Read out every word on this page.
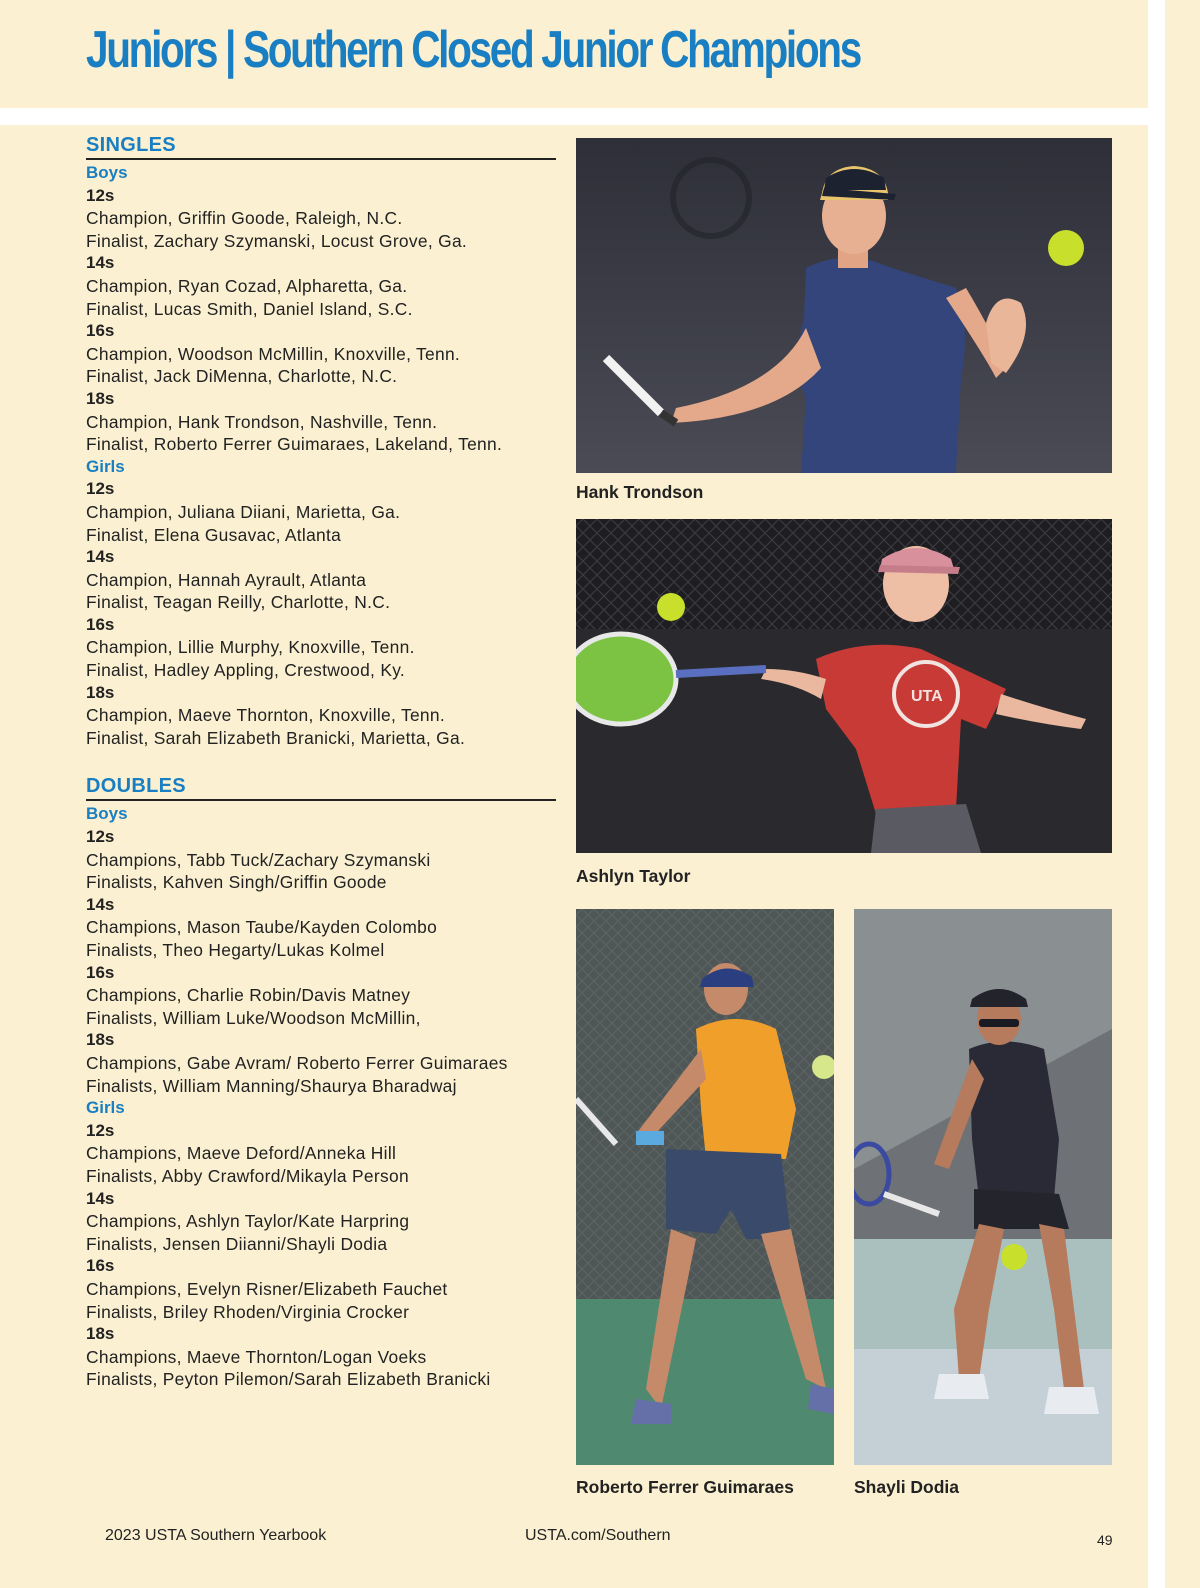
Juniors | Southern Closed Junior Champions
SINGLES
Boys
12s
Champion, Griffin Goode, Raleigh, N.C.
Finalist, Zachary Szymanski, Locust Grove, Ga.
14s
Champion, Ryan Cozad, Alpharetta, Ga.
Finalist, Lucas Smith, Daniel Island, S.C.
16s
Champion, Woodson McMillin, Knoxville, Tenn.
Finalist, Jack DiMenna, Charlotte, N.C.
18s
Champion, Hank Trondson, Nashville, Tenn.
Finalist, Roberto Ferrer Guimaraes, Lakeland, Tenn.
Girls
12s
Champion, Juliana Diiani, Marietta, Ga.
Finalist, Elena Gusavac, Atlanta
14s
Champion, Hannah Ayrault, Atlanta
Finalist, Teagan Reilly, Charlotte, N.C.
16s
Champion, Lillie Murphy, Knoxville, Tenn.
Finalist, Hadley Appling, Crestwood, Ky.
18s
Champion, Maeve Thornton, Knoxville, Tenn.
Finalist, Sarah Elizabeth Branicki, Marietta, Ga.
DOUBLES
Boys
12s
Champions, Tabb Tuck/Zachary Szymanski
Finalists, Kahven Singh/Griffin Goode
14s
Champions, Mason Taube/Kayden Colombo
Finalists, Theo Hegarty/Lukas Kolmel
16s
Champions, Charlie Robin/Davis Matney
Finalists, William Luke/Woodson McMillin,
18s
Champions, Gabe Avram/ Roberto Ferrer Guimaraes
Finalists, William Manning/Shaurya Bharadwaj
Girls
12s
Champions, Maeve Deford/Anneka Hill
Finalists, Abby Crawford/Mikayla Person
14s
Champions, Ashlyn Taylor/Kate Harpring
Finalists, Jensen Diianni/Shayli Dodia
16s
Champions, Evelyn Risner/Elizabeth Fauchet
Finalists, Briley Rhoden/Virginia Crocker
18s
Champions, Maeve Thornton/Logan Voeks
Finalists, Peyton Pilemon/Sarah Elizabeth Branicki
Hank Trondson
UTA
Ashlyn Taylor
Roberto Ferrer Guimaraes	Shayli Dodia
2023 USTA Southern Yearbook	USTA.com/Southern	49
